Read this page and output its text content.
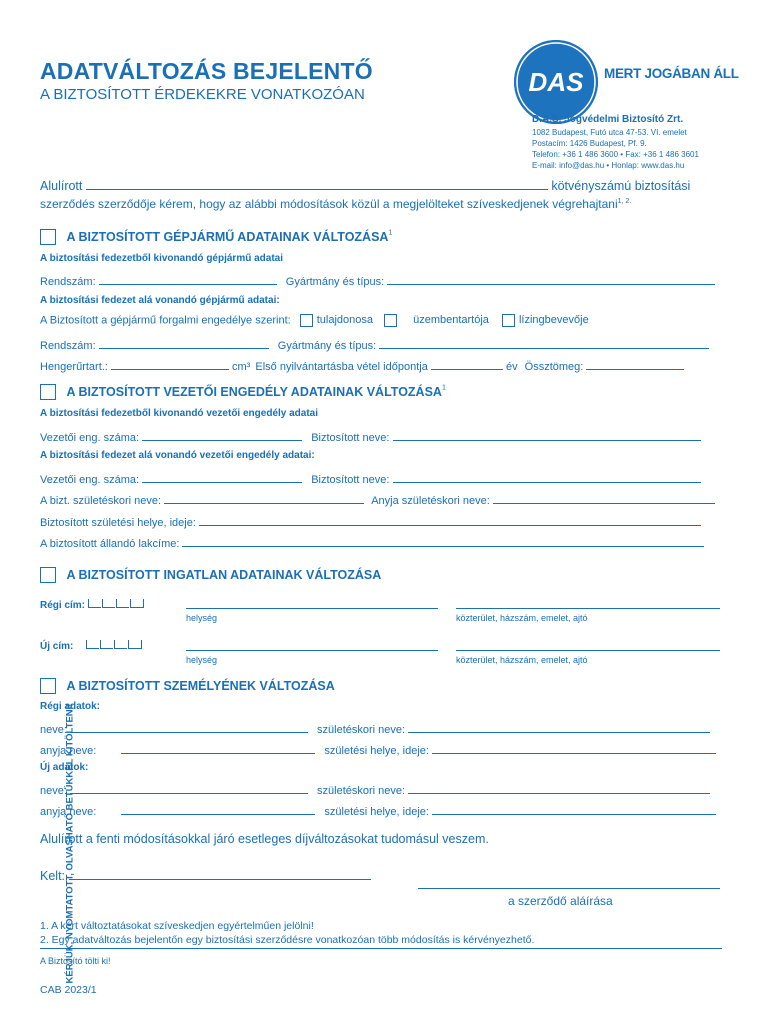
ADATVÁLTOZÁS BEJELENTŐ
A BIZTOSÍTOTT ÉRDEKEKRE VONATKOZÓAN	DAS MERT JOGÁBAN ÁLL
D.A.S. Jogvédelmi Biztosító Zrt.
1082 Budapest, Futó utca 47-53. VI. emelet
Postacím: 1426 Budapest, Pf. 9.
Telefon: +36 1 486 3600 • Fax: +36 1 486 3601
E-mail: info@das.hu • Honlap: www.das.hu
Alulírott	kötvényszámú biztosítási
szerződés szerződője kérem, hogy az alábbi módosítások közül a megjelölteket szíveskedjenek végrehajtani$^{1, 2.}$
A BIZTOSÍTOTT GÉPJÁRMŰ ADATAINAK VÁLTOZÁSA$^1$
A biztosítási fedezetből kivonandó gépjármű adatai
Rendszám:	Gyártmány és típus:
A biztosítási fedezet alá vonandó gépjármű adatai:
A Biztosított a gépjármű forgalmi engedélye szerint: tulajdonosa	üzembentartója	lízingbevevője
Rendszám:	Gyártmány és típus:
Hengerűrtart.:	cm³ Első nyilvántartásba vétel időpontja	év Össztömeg:
A BIZTOSÍTOTT VEZETŐI ENGEDÉLY ADATAINAK VÁLTOZÁSA$^1$
A biztosítási fedezetből kivonandó vezetői engedély adatai
Vezetői eng. száma:	Biztosított neve:
A biztosítási fedezet alá vonandó vezetői engedély adatai:
Vezetői eng. száma:	Biztosított neve:
A bizt. születéskori neve:	Anyja születéskori neve:
Biztosított születési helye, ideje:
A biztosított állandó lakcíme:
A BIZTOSÍTOTT INGATLAN ADATAINAK VÁLTOZÁSA
Régi cím:
helység	közterület, házszám, emelet, ajtó
Új cím:
helység	közterület, házszám, emelet, ajtó
A BIZTOSÍTOTT SZEMÉLYÉNEK VÁLTOZÁSA
Régi adatok:
neve:	születéskori neve:
anyja neve:	születési helye, ideje:
Új adatok:
neve:	születéskori neve:
anyja neve:	születési helye, ideje:
Alulírott a fenti módosításokkal járó esetleges díjváltozásokat tudomásul veszem.
Kelt:
a szerződő aláírása
1. A kért változtatásokat szíveskedjen egyértelműen jelölni!
2. Egy adatváltozás bejelentőn egy biztosítási szerződésre vonatkozóan több módosítás is kérvényezhető.
A Biztosító tölti ki!
CAB 2023/1
KÉRJÜK, NYOMTATOTT, OLVASHATÓ BETŰKKEL KITÖLTENI!
